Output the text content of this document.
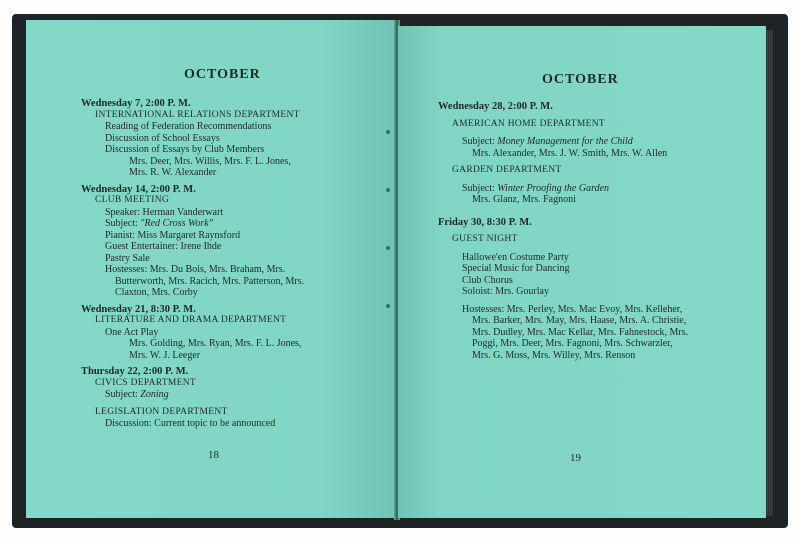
OCTOBER
Wednesday 7, 2:00 P. M.
INTERNATIONAL RELATIONS DEPARTMENT
Reading of Federation Recommendations
Discussion of School Essays
Discussion of Essays by Club Members
Mrs. Deer, Mrs. Willis, Mrs. F. L. Jones,
Mrs. R. W. Alexander
Wednesday 14, 2:00 P. M.
CLUB MEETING
Speaker: Herman Vanderwart
Subject: "Red Cross Work"
Pianist: Miss Margaret Raynsford
Guest Entertainer: Irene Ihde
Pastry Sale
Hostesses: Mrs. Du Bois, Mrs. Braham, Mrs.
Butterworth, Mrs. Racich, Mrs. Patterson, Mrs.
Claxton, Mrs. Corby
Wednesday 21, 8:30 P. M.
LITERATURE AND DRAMA DEPARTMENT
One Act Play
Mrs. Golding, Mrs. Ryan, Mrs. F. L. Jones,
Mrs. W. J. Leeger
Thursday 22, 2:00 P. M.
CIVICS DEPARTMENT
Subject: Zoning
LEGISLATION DEPARTMENT
Discussion: Current topic to be announced
18
OCTOBER
Wednesday 28, 2:00 P. M.
AMERICAN HOME DEPARTMENT
Subject: Money Management for the Child
Mrs. Alexander, Mrs. J. W. Smith, Mrs. W. Allen
GARDEN DEPARTMENT
Subject: Winter Proofing the Garden
Mrs. Glanz, Mrs. Fagnoni
Friday 30, 8:30 P. M.
GUEST NIGHT
Hallowe'en Costume Party
Special Music for Dancing
Club Chorus
Soloist: Mrs. Gourlay
Hostesses: Mrs. Perley, Mrs. Mac Evoy, Mrs. Kelleher,
Mrs. Barker, Mrs. May, Mrs. Haase, Mrs. A. Christie,
Mrs. Dudley, Mrs. Mac Kellar, Mrs. Fahnestock, Mrs.
Poggi, Mrs. Deer, Mrs. Fagnoni, Mrs. Schwarzler,
Mrs. G. Moss, Mrs. Willey, Mrs. Renson
19
